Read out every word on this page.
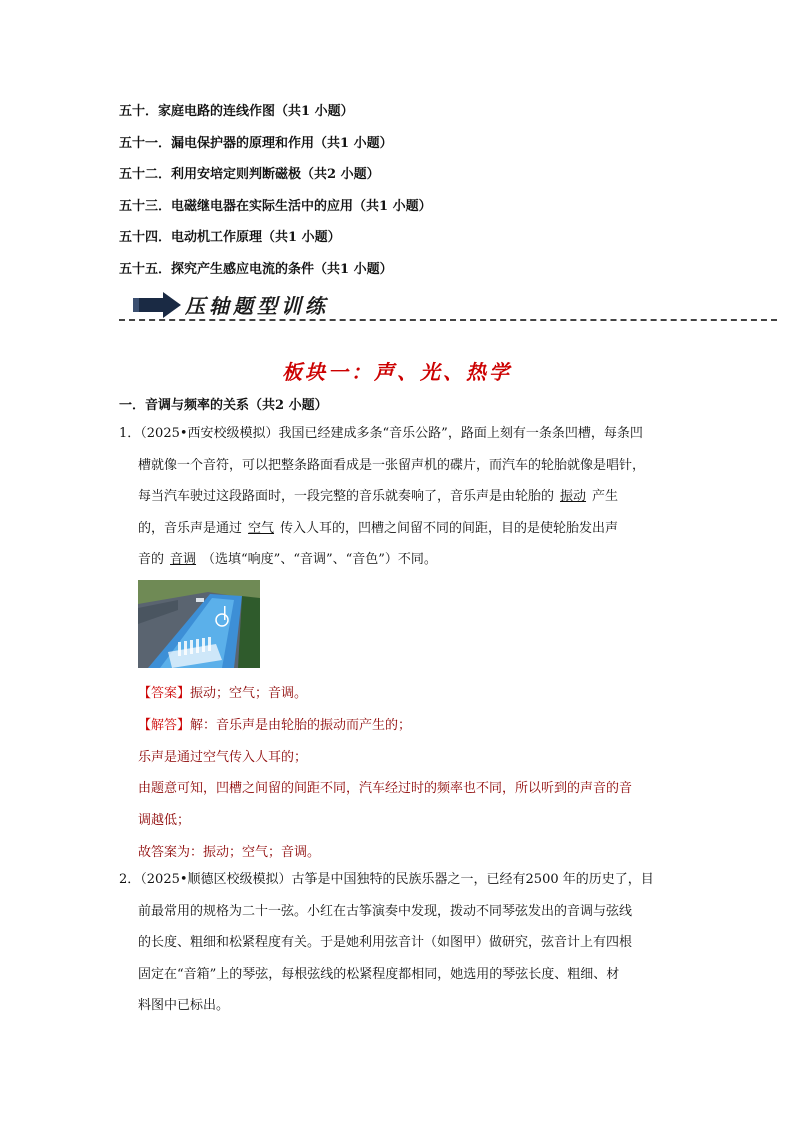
五十．家庭电路的连线作图（共1 小题）
五十一．漏电保护器的原理和作用（共1 小题）
五十二．利用安培定则判断磁极（共2 小题）
五十三．电磁继电器在实际生活中的应用（共1 小题）
五十四．电动机工作原理（共1 小题）
五十五．探究产生感应电流的条件（共1 小题）
压轴题型训练
板块一：声、光、热学
一．音调与频率的关系（共2 小题）
1．（2025•西安校级模拟）我国已经建成多条“音乐公路”，路面上刻有一条条凹槽，每条凹
槽就像一个音符，可以把整条路面看成是一张留声机的碟片，而汽车的轮胎就像是唱针，
每当汽车驶过这段路面时，一段完整的音乐就奏响了，音乐声是由轮胎的 振动 产生
的，音乐声是通过 空气 传入人耳的，凹槽之间留不同的间距，目的是使轮胎发出声
音的 音调 （选填“响度”、“音调”、“音色”）不同。
【答案】振动；空气；音调。
【解答】解：音乐声是由轮胎的振动而产生的；
乐声是通过空气传入人耳的；
由题意可知，凹槽之间留的间距不同，汽车经过时的频率也不同，所以听到的声音的音
调越低；
故答案为：振动；空气；音调。
2．（2025•顺德区校级模拟）古筝是中国独特的民族乐器之一，已经有2500 年的历史了，目
前最常用的规格为二十一弦。小红在古筝演奏中发现，拨动不同琴弦发出的音调与弦线
的长度、粗细和松紧程度有关。于是她利用弦音计（如图甲）做研究，弦音计上有四根
固定在“音箱”上的琴弦，每根弦线的松紧程度都相同，她选用的琴弦长度、粗细、材
料图中已标出。
